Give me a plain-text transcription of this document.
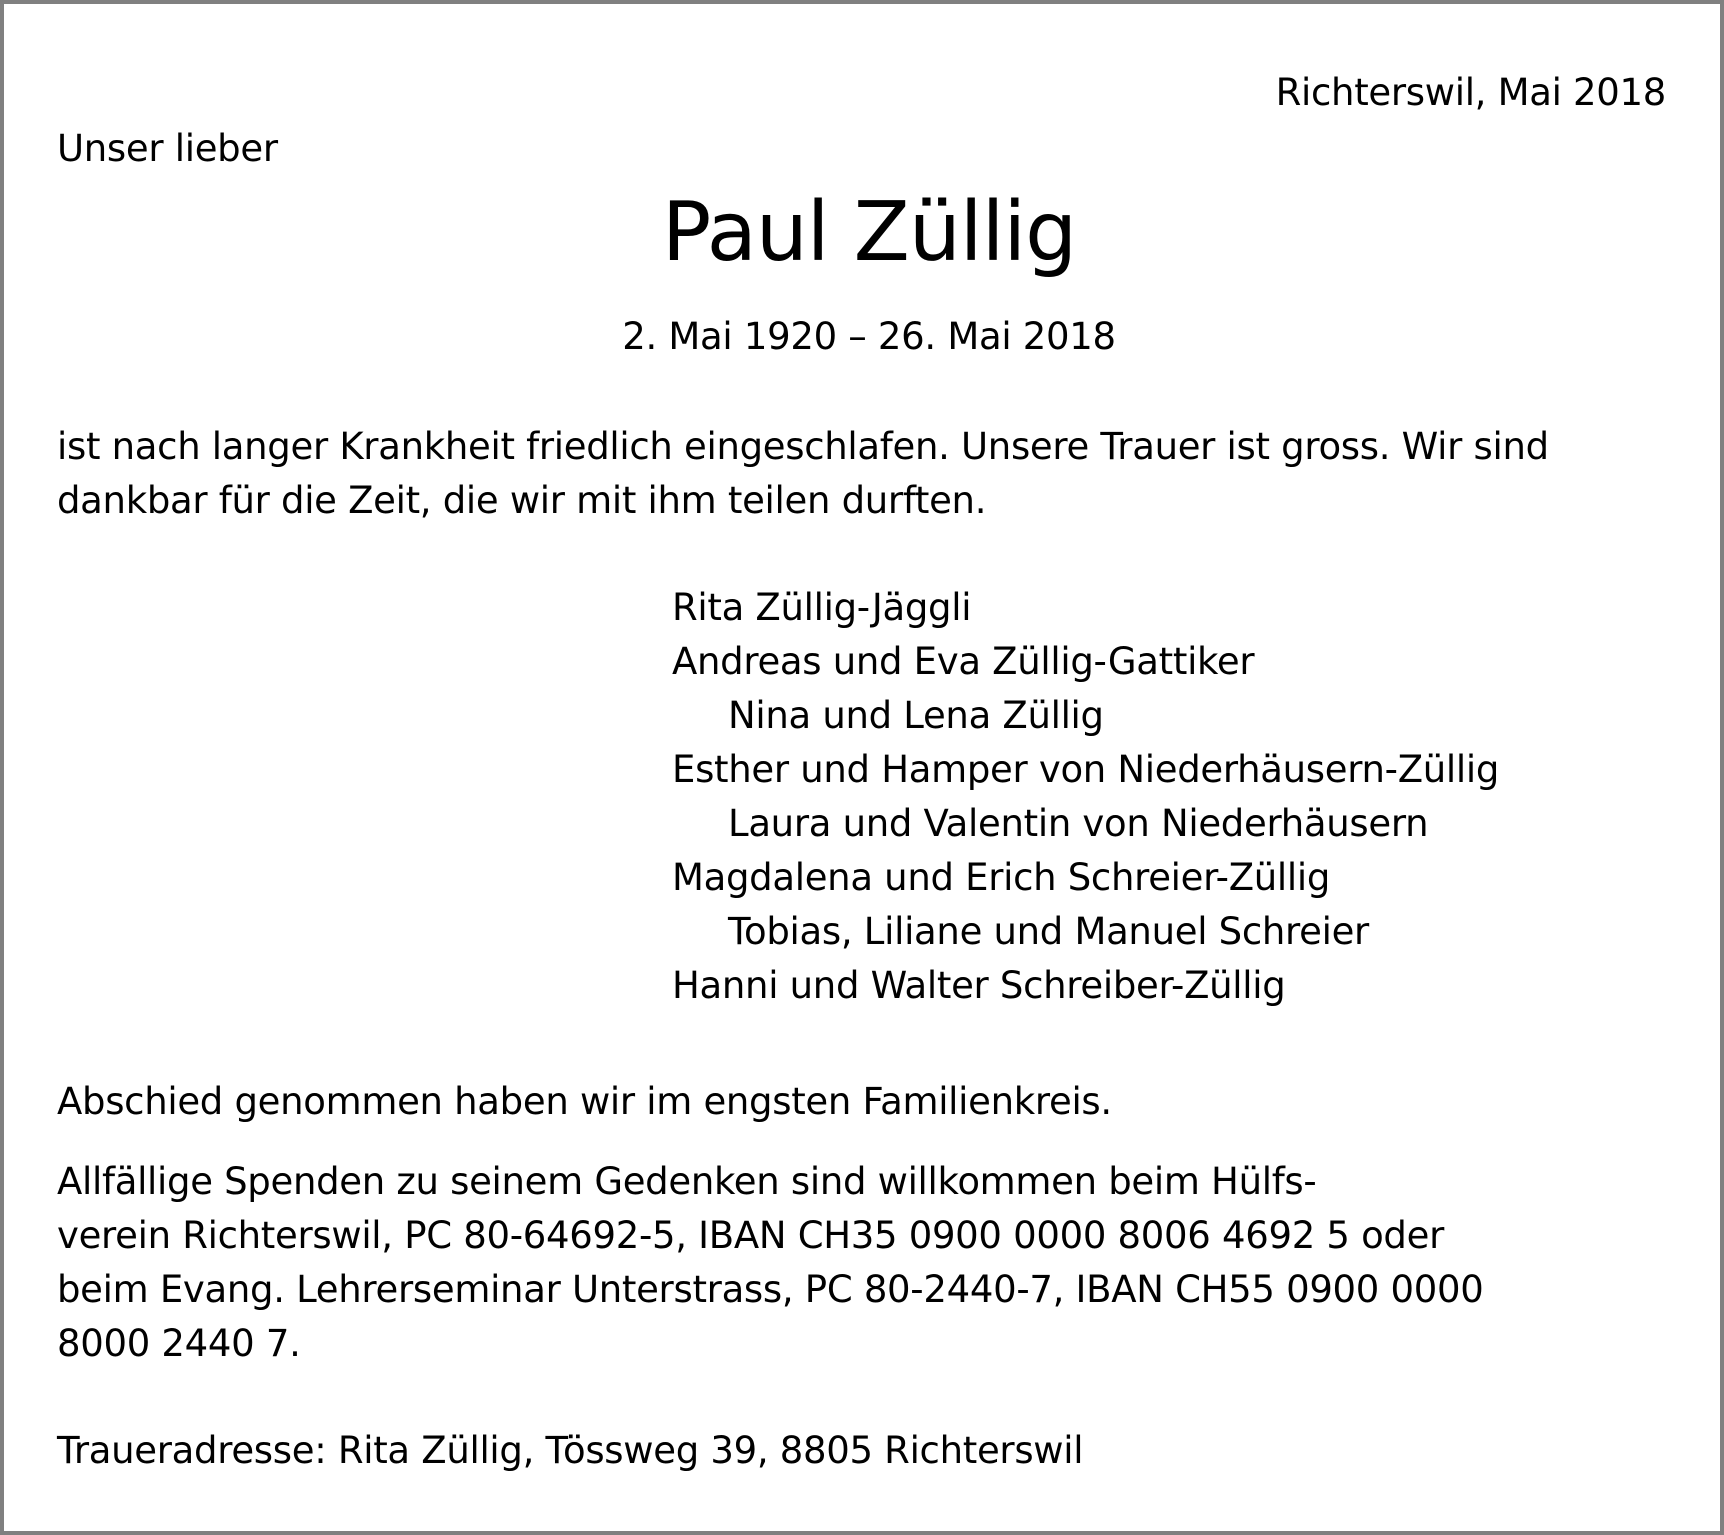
Richterswil, Mai 2018
Unser lieber
Paul Züllig
2. Mai 1920 – 26. Mai 2018
ist nach langer Krankheit friedlich eingeschlafen. Unsere Trauer ist gross. Wir sind
dankbar für die Zeit, die wir mit ihm teilen durften.
Rita Züllig-Jäggli
Andreas und Eva Züllig-Gattiker
Nina und Lena Züllig
Esther und Hamper von Niederhäusern-Züllig
Laura und Valentin von Niederhäusern
Magdalena und Erich Schreier-Züllig
Tobias, Liliane und Manuel Schreier
Hanni und Walter Schreiber-Züllig
Abschied genommen haben wir im engsten Familienkreis.
Allfällige Spenden zu seinem Gedenken sind willkommen beim Hülfs-
verein Richterswil, PC 80-64692-5, IBAN CH35 0900 0000 8006 4692 5 oder
beim Evang. Lehrerseminar Unterstrass, PC 80-2440-7, IBAN CH55 0900 0000
8000 2440 7.
Traueradresse: Rita Züllig, Tössweg 39, 8805 Richterswil
